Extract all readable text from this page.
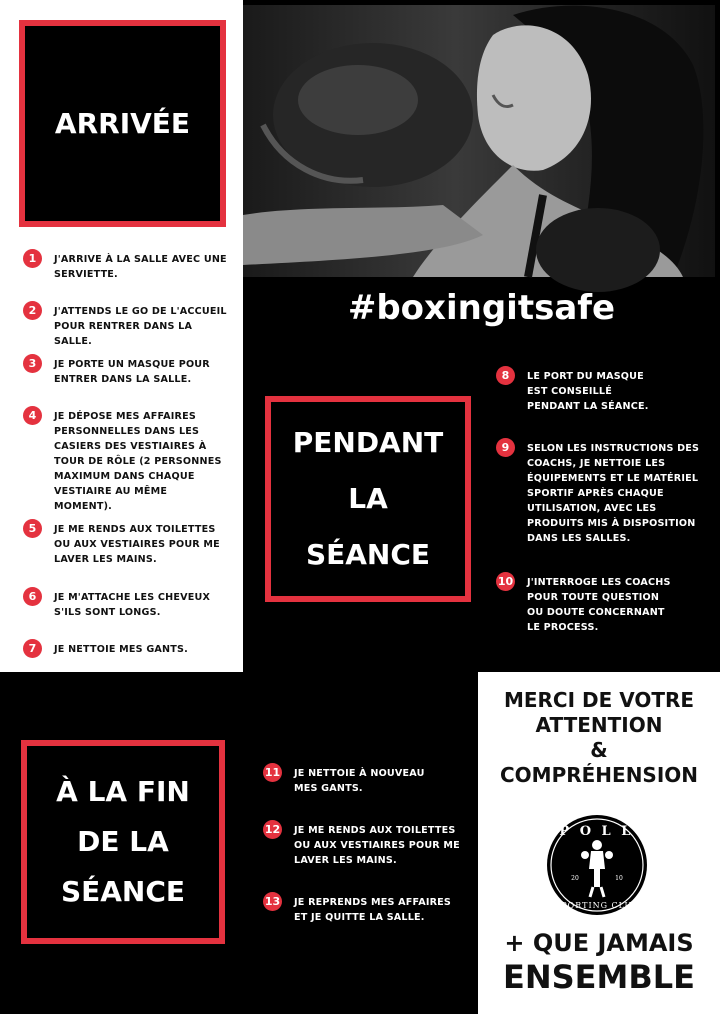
ARRIVÉE
1	J'ARRIVE À LA SALLE AVEC UNE SERVIETTE.
2	J'ATTENDS LE GO DE L'ACCUEIL POUR RENTRER DANS LA SALLE.
3	JE PORTE UN MASQUE POUR ENTRER DANS LA SALLE.
4	JE DÉPOSE MES AFFAIRES PERSONNELLES DANS LES CASIERS DES VESTIAIRES À TOUR DE RÔLE (2 PERSONNES MAXIMUM DANS CHAQUE VESTIAIRE AU MÊME MOMENT).
5	JE ME RENDS AUX TOILETTES OU AUX VESTIAIRES POUR ME LAVER LES MAINS.
6	JE M'ATTACHE LES CHEVEUX S'ILS SONT LONGS.
7	JE NETTOIE MES GANTS.
#boxingitsafe
PENDANT
LA
SÉANCE
8	LE PORT DU MASQUE EST CONSEILLÉ PENDANT LA SÉANCE.
9	SELON LES INSTRUCTIONS DES COACHS, JE NETTOIE LES ÉQUIPEMENTS ET LE MATÉRIEL SPORTIF APRÈS CHAQUE UTILISATION, AVEC LES PRODUITS MIS À DISPOSITION DANS LES SALLES.
10 J'INTERROGE LES COACHS POUR TOUTE QUESTION OU DOUTE CONCERNANT LE PROCESS.
À LA FIN
DE LA
SÉANCE
11 JE NETTOIE À NOUVEAU MES GANTS.
12 JE ME RENDS AUX TOILETTES OU AUX VESTIAIRES POUR ME LAVER LES MAINS.
13 JE REPRENDS MES AFFAIRES ET JE QUITTE LA SALLE.
MERCI DE VOTRE
ATTENTION
&
COMPRÉHENSION
A P O L L O
20	10
SPORTING CLUB
+ QUE JAMAIS
ENSEMBLE
